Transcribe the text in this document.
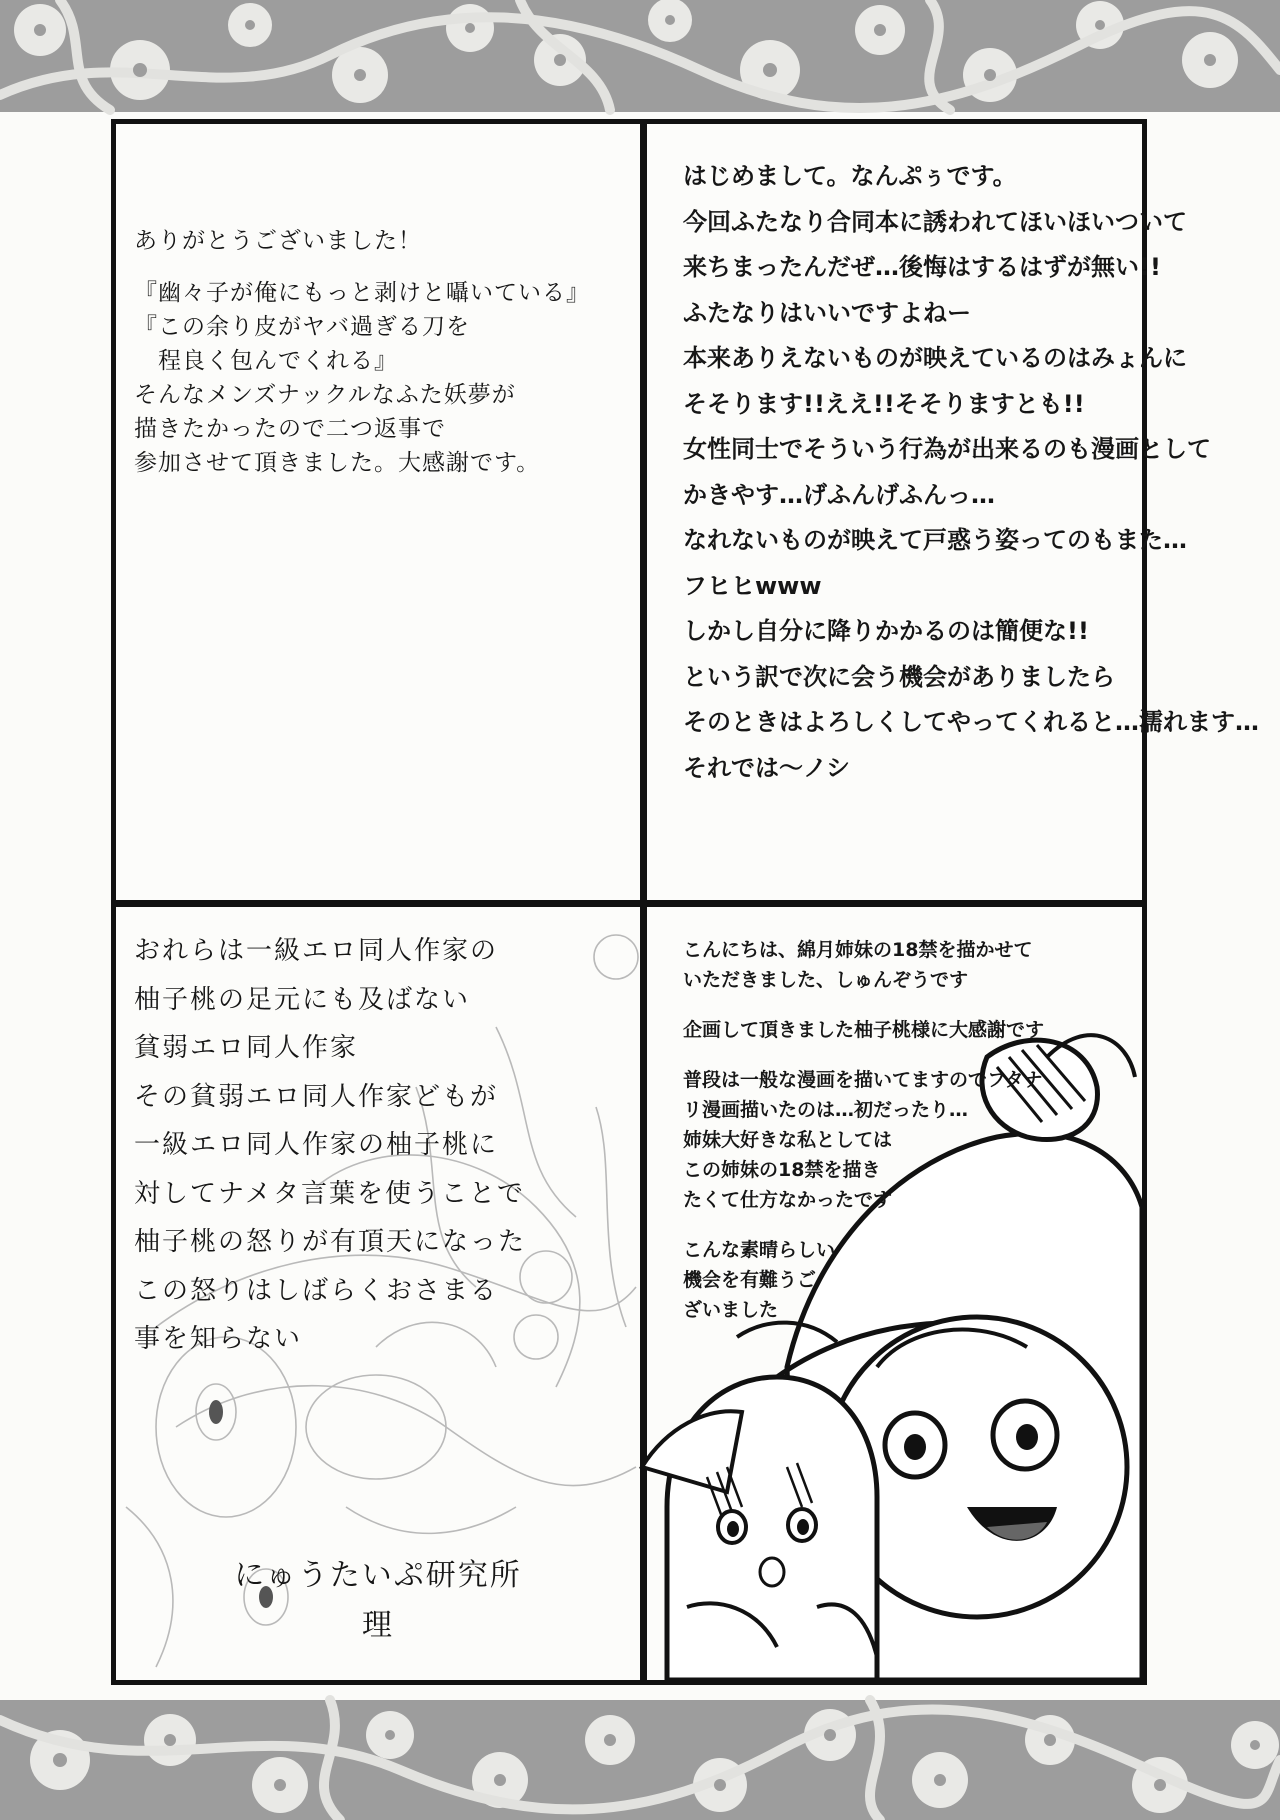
ありがとうございました！
『幽々子が俺にもっと剥けと囁いている』
『この余り皮がヤバ過ぎる刀を
　程良く包んでくれる』
そんなメンズナックルなふた妖夢が
描きたかったので二つ返事で
参加させて頂きました。大感謝です。
はじめまして。なんぷぅです。
今回ふたなり合同本に誘われてほいほいついて
来ちまったんだぜ…後悔はするはずが無い!!
ふたなりはいいですよねー
本来ありえないものが映えているのはみょんに
そそります!!ええ!!そそりますとも!!
女性同士でそういう行為が出来るのも漫画として
かきやす…げふんげふんっ…
なれないものが映えて戸惑う姿ってのもまた…
フヒヒwww
しかし自分に降りかかるのは簡便な!!
という訳で次に会う機会がありましたら
そのときはよろしくしてやってくれると…濡れます…
それでは～ノシ
おれらは一級エロ同人作家の
柚子桃の足元にも及ばない
貧弱エロ同人作家
その貧弱エロ同人作家どもが
一級エロ同人作家の柚子桃に
対してナメタ言葉を使うことで
柚子桃の怒りが有頂天になった
この怒りはしばらくおさまる
事を知らない
にゅうたいぷ研究所
理
こんにちは、綿月姉妹の18禁を描かせて
いただきました、しゅんぞうです
企画して頂きました柚子桃様に大感謝です
普段は一般な漫画を描いてますのでフタナ
リ漫画描いたのは…初だったり…
姉妹大好きな私としては
この姉妹の18禁を描き
たくて仕方なかったです
こんな素晴らしい
機会を有難うご
ざいました
